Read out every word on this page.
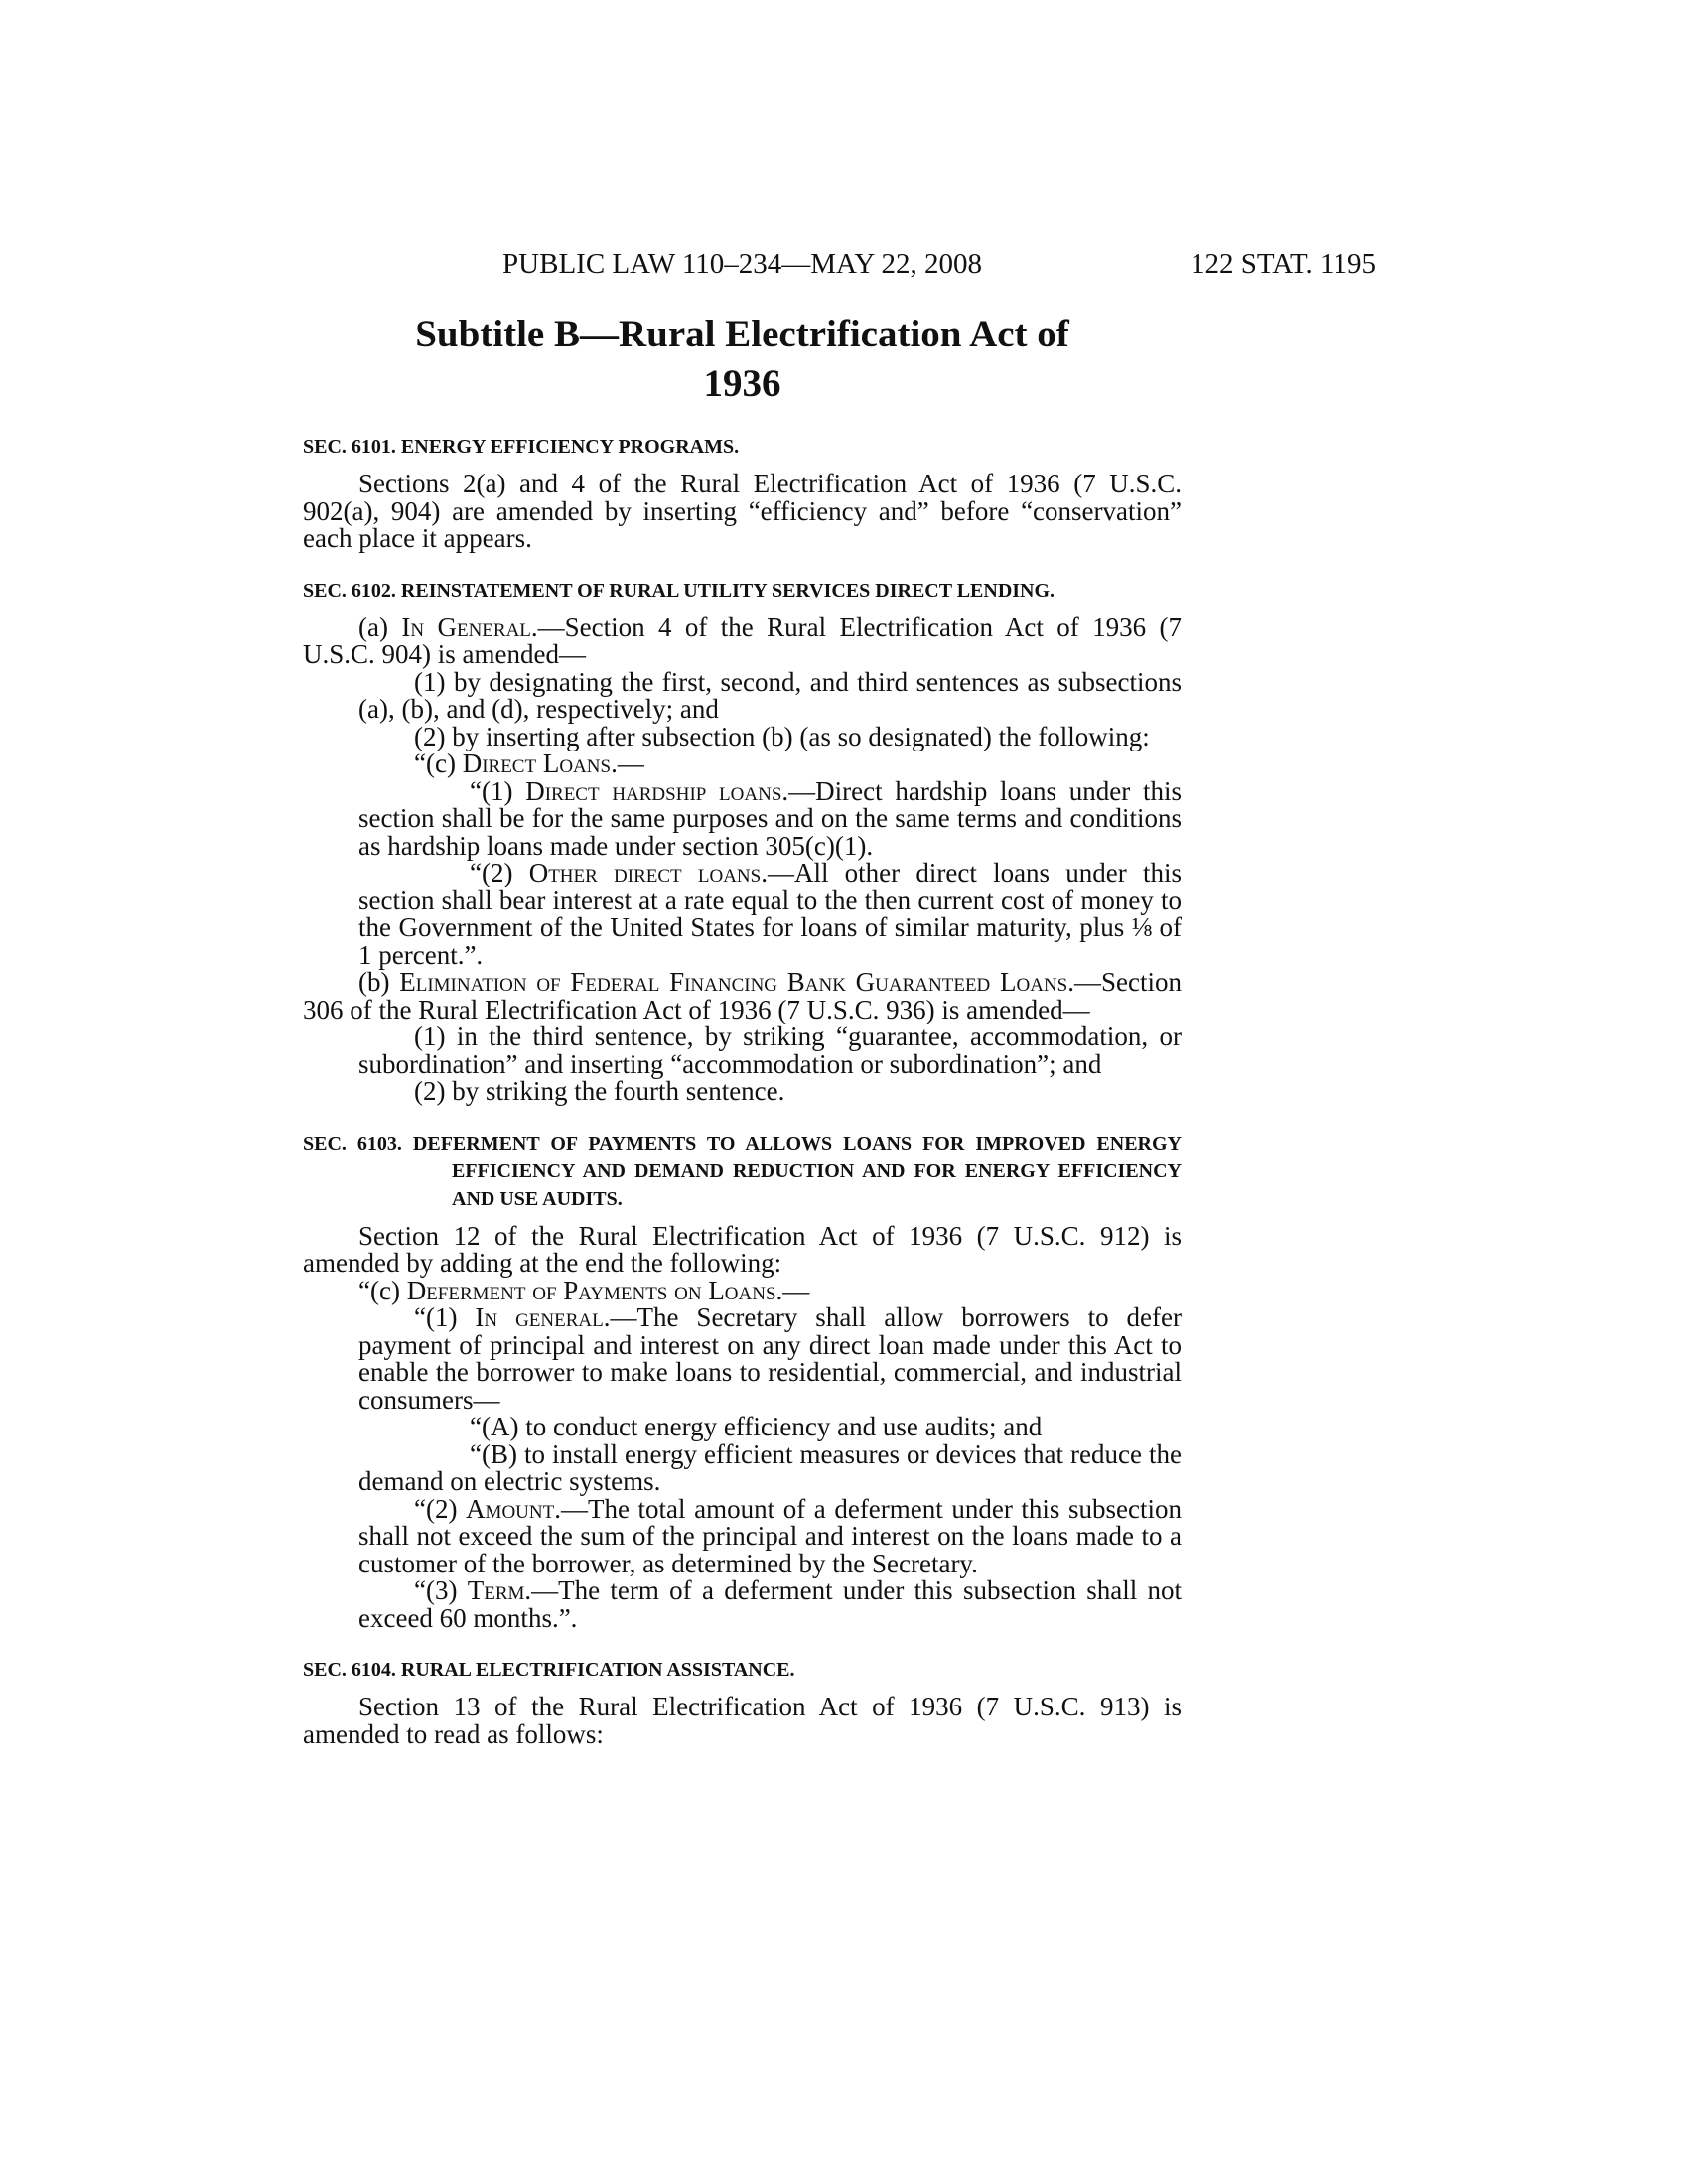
PUBLIC LAW 110–234—MAY 22, 2008	122 STAT. 1195
Subtitle B—Rural Electrification Act of
1936
SEC. 6101. ENERGY EFFICIENCY PROGRAMS.

Sections 2(a) and 4 of the Rural Electrification Act of 1936 (7 U.S.C. 902(a), 904) are amended by inserting “efficiency and” before “conservation” each place it appears.

SEC. 6102. REINSTATEMENT OF RURAL UTILITY SERVICES DIRECT LENDING.

(a) In General.—Section 4 of the Rural Electrification Act of 1936 (7 U.S.C. 904) is amended—

(1) by designating the first, second, and third sentences as subsections (a), (b), and (d), respectively; and

(2) by inserting after subsection (b) (as so designated) the following:

“(c) Direct Loans.—

“(1) Direct hardship loans.—Direct hardship loans under this section shall be for the same purposes and on the same terms and conditions as hardship loans made under section 305(c)(1).

“(2) Other direct loans.—All other direct loans under this section shall bear interest at a rate equal to the then current cost of money to the Government of the United States for loans of similar maturity, plus ⅛ of 1 percent.”.

(b) Elimination of Federal Financing Bank Guaranteed Loans.—Section 306 of the Rural Electrification Act of 1936 (7 U.S.C. 936) is amended—

(1) in the third sentence, by striking “guarantee, accommodation, or subordination” and inserting “accommodation or subordination”; and

(2) by striking the fourth sentence.

SEC. 6103. DEFERMENT OF PAYMENTS TO ALLOWS LOANS FOR IMPROVED ENERGY EFFICIENCY AND DEMAND REDUCTION AND FOR ENERGY EFFICIENCY AND USE AUDITS.

Section 12 of the Rural Electrification Act of 1936 (7 U.S.C. 912) is amended by adding at the end the following:

“(c) Deferment of Payments on Loans.—

“(1) In general.—The Secretary shall allow borrowers to defer payment of principal and interest on any direct loan made under this Act to enable the borrower to make loans to residential, commercial, and industrial consumers—

“(A) to conduct energy efficiency and use audits; and

“(B) to install energy efficient measures or devices that reduce the demand on electric systems.

“(2) Amount.—The total amount of a deferment under this subsection shall not exceed the sum of the principal and interest on the loans made to a customer of the borrower, as determined by the Secretary.

“(3) Term.—The term of a deferment under this subsection shall not exceed 60 months.”.

SEC. 6104. RURAL ELECTRIFICATION ASSISTANCE.

Section 13 of the Rural Electrification Act of 1936 (7 U.S.C. 913) is amended to read as follows:
